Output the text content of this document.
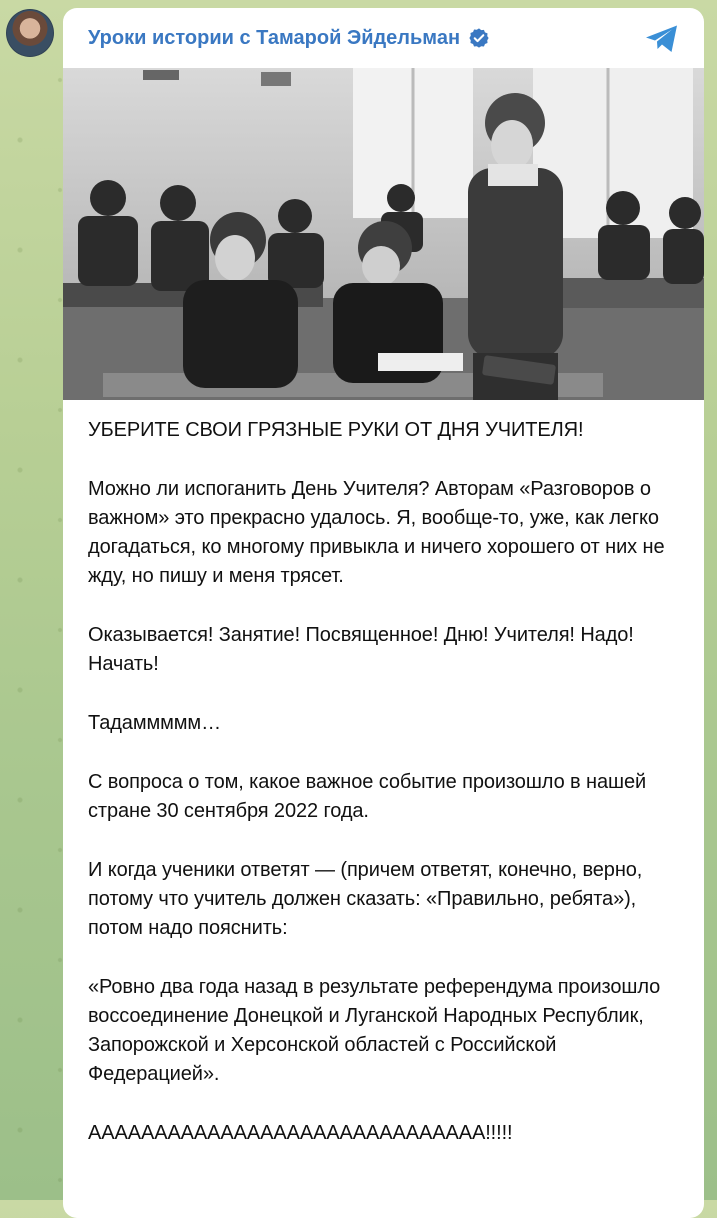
Уроки истории с Тамарой Эйдельман

УБЕРИТЕ СВОИ ГРЯЗНЫЕ РУКИ ОТ ДНЯ УЧИТЕЛЯ!

Можно ли испоганить День Учителя? Авторам «Разговоров о важном» это прекрасно удалось. Я, вообще-то, уже, как легко догадаться, ко многому привыкла и ничего хорошего от них не жду, но пишу и меня трясет.

Оказывается! Занятие! Посвященное! Дню! Учителя! Надо! Начать!

Тадаммммм…

С вопроса о том, какое важное событие произошло в нашей стране 30 сентября 2022 года.

И когда ученики ответят — (причем ответят, конечно, верно, потому что учитель должен сказать: «Правильно, ребята»), потом надо пояснить:

«Ровно два года назад в результате референдума произошло воссоединение Донецкой и Луганской Народных Республик, Запорожской и Херсонской областей с Российской Федерацией».

АААААААААААААААААААААААААААААА!!!!!
